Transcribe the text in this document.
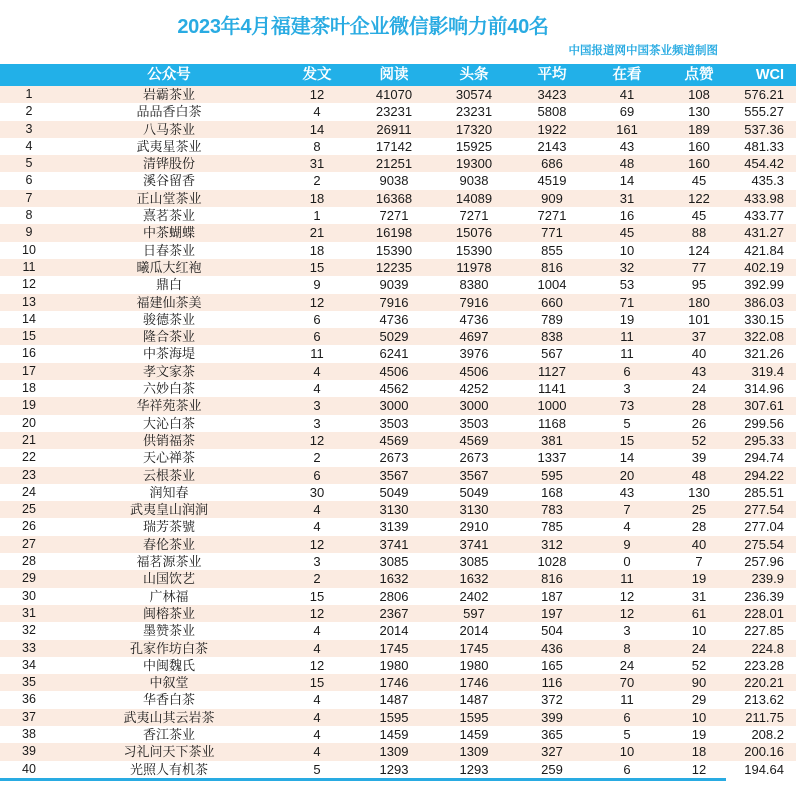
2023年4月福建茶叶企业微信影响力前40名
中国报道网中国茶业频道制图
	公众号	发文	阅读	头条	平均	在看	点赞	WCI
1	岩霸茶业	12	41070	30574	3423	41	108	576.21
2	品品香白茶	4	23231	23231	5808	69	130	555.27
3	八马茶业	14	26911	17320	1922	161	189	537.36
4	武夷星茶业	8	17142	15925	2143	43	160	481.33
5	清铧股份	31	21251	19300	686	48	160	454.42
6	溪谷留香	2	9038	9038	4519	14	45	435.3
7	正山堂茶业	18	16368	14089	909	31	122	433.98
8	熹茗茶业	1	7271	7271	7271	16	45	433.77
9	中茶蝴蝶	21	16198	15076	771	45	88	431.27
10	日春茶业	18	15390	15390	855	10	124	421.84
11	曦瓜大红袍	15	12235	11978	816	32	77	402.19
12	鼎白	9	9039	8380	1004	53	95	392.99
13	福建仙茶美	12	7916	7916	660	71	180	386.03
14	骏德茶业	6	4736	4736	789	19	101	330.15
15	隆合茶业	6	5029	4697	838	11	37	322.08
16	中茶海堤	11	6241	3976	567	11	40	321.26
17	孝文家茶	4	4506	4506	1127	6	43	319.4
18	六妙白茶	4	4562	4252	1141	3	24	314.96
19	华祥苑茶业	3	3000	3000	1000	73	28	307.61
20	大沁白茶	3	3503	3503	1168	5	26	299.56
21	供销福茶	12	4569	4569	381	15	52	295.33
22	天心禅茶	2	2673	2673	1337	14	39	294.74
23	云根茶业	6	3567	3567	595	20	48	294.22
24	润知春	30	5049	5049	168	43	130	285.51
25	武夷皇山润涧	4	3130	3130	783	7	25	277.54
26	瑞芳茶號	4	3139	2910	785	4	28	277.04
27	春伦茶业	12	3741	3741	312	9	40	275.54
28	福茗源茶业	3	3085	3085	1028	0	7	257.96
29	山国饮艺	2	1632	1632	816	11	19	239.9
30	广林福	15	2806	2402	187	12	31	236.39
31	闽榕茶业	12	2367	597	197	12	61	228.01
32	墨赞茶业	4	2014	2014	504	3	10	227.85
33	孔家作坊白茶	4	1745	1745	436	8	24	224.8
34	中闽魏氏	12	1980	1980	165	24	52	223.28
35	中叙堂	15	1746	1746	116	70	90	220.21
36	华香白茶	4	1487	1487	372	11	29	213.62
37	武夷山其云岩茶	4	1595	1595	399	6	10	211.75
38	香江茶业	4	1459	1459	365	5	19	208.2
39	习礼问天下茶业	4	1309	1309	327	10	18	200.16
40	光照人有机茶	5	1293	1293	259	6	12	194.64
